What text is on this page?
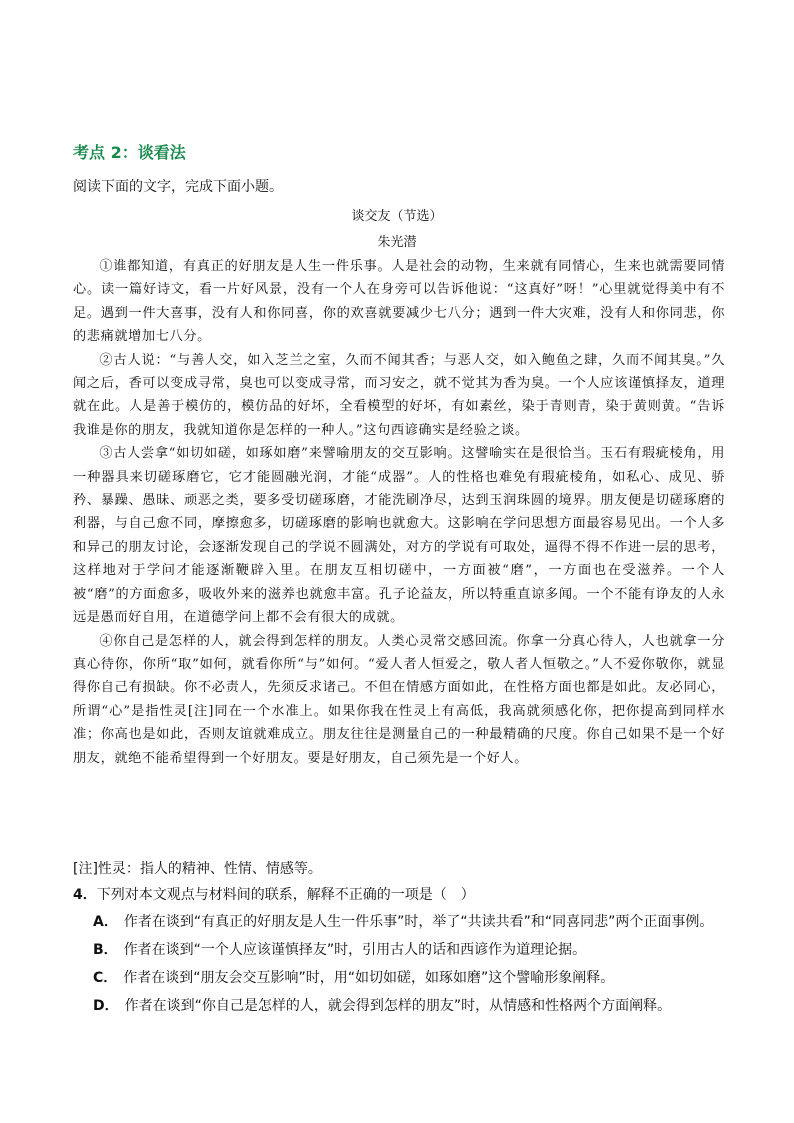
考点 2：谈看法
阅读下面的文字，完成下面小题。
谈交友（节选）
朱光潜

①谁都知道，有真正的好朋友是人生一件乐事。人是社会的动物，生来就有同情心，生来也就需要同情心。读一篇好诗文，看一片好风景，没有一个人在身旁可以告诉他说：“这真好”呀！”心里就觉得美中有不足。遇到一件大喜事，没有人和你同喜，你的欢喜就要减少七八分；遇到一件大灾难，没有人和你同悲，你的悲痛就增加七八分。

②古人说：“与善人交，如入芝兰之室，久而不闻其香；与恶人交，如入鲍鱼之肆，久而不闻其臭。”久闻之后，香可以变成寻常，臭也可以变成寻常，而习安之，就不觉其为香为臭。一个人应该谨慎择友，道理就在此。人是善于模仿的，模仿品的好坏，全看模型的好坏，有如素丝，染于青则青，染于黄则黄。“告诉我谁是你的朋友，我就知道你是怎样的一种人。”这句西谚确实是经验之谈。

③古人尝拿“如切如磋，如琢如磨”来譬喻朋友的交互影响。这譬喻实在是很恰当。玉石有瑕疵棱角，用一种器具来切磋琢磨它，它才能圆融光润，才能“成器”。人的性格也难免有瑕疵棱角，如私心、成见、骄矜、暴躁、愚昧、顽恶之类，要多受切磋琢磨，才能洗刷净尽，达到玉润珠圆的境界。朋友便是切磋琢磨的利器，与自己愈不同，摩擦愈多，切磋琢磨的影响也就愈大。这影响在学问思想方面最容易见出。一个人多和异己的朋友讨论，会逐渐发现自己的学说不圆满处，对方的学说有可取处，逼得不得不作进一层的思考，这样地对于学问才能逐渐鞭辟入里。在朋友互相切磋中，一方面被“磨”，一方面也在受滋养。一个人被“磨”的方面愈多，吸收外来的滋养也就愈丰富。孔子论益友，所以特重直谅多闻。一个不能有诤友的人永远是愚而好自用，在道德学问上都不会有很大的成就。

④你自己是怎样的人，就会得到怎样的朋友。人类心灵常交感回流。你拿一分真心待人，人也就拿一分真心待你，你所“取”如何，就看你所“与”如何。“爱人者人恒爱之，敬人者人恒敬之。”人不爱你敬你，就显得你自己有损缺。你不必责人，先须反求诸己。不但在情感方面如此，在性格方面也都是如此。友必同心，所谓“心”是指性灵[注]同在一个水准上。如果你我在性灵上有高低，我高就须感化你，把你提高到同样水准；你高也是如此，否则友谊就难成立。朋友往往是测量自己的一种最精确的尺度。你自己如果不是一个好朋友，就绝不能希望得到一个好朋友。要是好朋友，自己须先是一个好人。

[注]性灵：指人的精神、性情、情感等。
4．下列对本文观点与材料间的联系，解释不正确的一项是（　）
A． 作者在谈到“有真正的好朋友是人生一件乐事”时，举了“共读共看”和“同喜同悲”两个正面事例。
B． 作者在谈到“一个人应该谨慎择友”时，引用古人的话和西谚作为道理论据。
C． 作者在谈到“朋友会交互影响”时，用“如切如磋，如琢如磨”这个譬喻形象阐释。
D． 作者在谈到“你自己是怎样的人，就会得到怎样的朋友”时，从情感和性格两个方面阐释。
